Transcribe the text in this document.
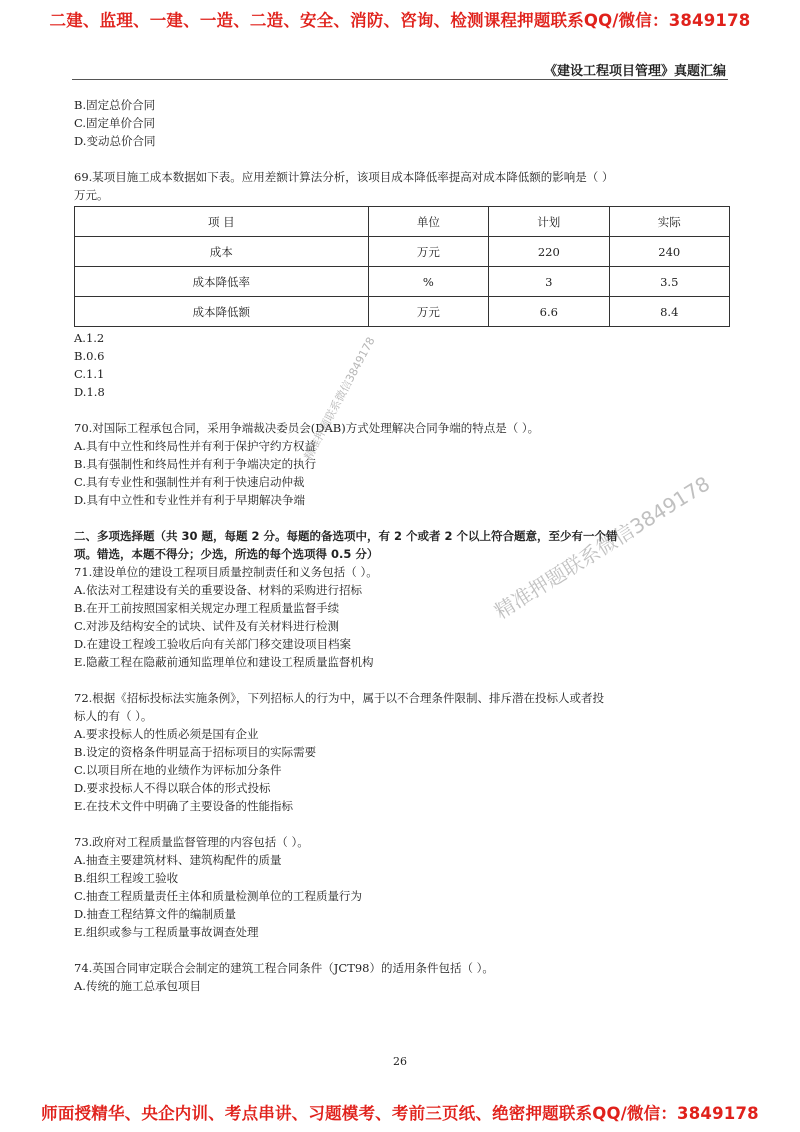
二建、监理、一建、一造、二造、安全、消防、咨询、检测课程押题联系QQ/微信：3849178
《建设工程项目管理》真题汇编
B.固定总价合同
C.固定单价合同
D.变动总价合同
69.某项目施工成本数据如下表。应用差额计算法分析，该项目成本降低率提高对成本降低额的影响是（ ）
万元。
项 目	单位	计划	实际
成本	万元	220	240
成本降低率	%	3	3.5
成本降低额	万元	6.6	8.4
A.1.2
B.0.6
C.1.1
D.1.8
70.对国际工程承包合同，采用争端裁决委员会(DAB)方式处理解决合同争端的特点是（ ）。
A.具有中立性和终局性并有利于保护守约方权益
B.具有强制性和终局性并有利于争端决定的执行
C.具有专业性和强制性并有利于快速启动仲裁
D.具有中立性和专业性并有利于早期解决争端
二、多项选择题（共 30 题，每题 2 分。每题的备选项中，有 2 个或者 2 个以上符合题意，至少有一个错
项。错选，本题不得分；少选，所选的每个选项得 0.5 分）
71.建设单位的建设工程项目质量控制责任和义务包括（ ）。
A.依法对工程建设有关的重要设备、材料的采购进行招标
B.在开工前按照国家相关规定办理工程质量监督手续
C.对涉及结构安全的试块、试件及有关材料进行检测
D.在建设工程竣工验收后向有关部门移交建设项目档案
E.隐蔽工程在隐蔽前通知监理单位和建设工程质量监督机构
72.根据《招标投标法实施条例》，下列招标人的行为中，属于以不合理条件限制、排斥潜在投标人或者投
标人的有（ ）。
A.要求投标人的性质必须是国有企业
B.设定的资格条件明显高于招标项目的实际需要
C.以项目所在地的业绩作为评标加分条件
D.要求投标人不得以联合体的形式投标
E.在技术文件中明确了主要设备的性能指标
73.政府对工程质量监督管理的内容包括（ ）。
A.抽查主要建筑材料、建筑构配件的质量
B.组织工程竣工验收
C.抽查工程质量责任主体和质量检测单位的工程质量行为
D.抽查工程结算文件的编制质量
E.组织或参与工程质量事故调查处理
74.英国合同审定联合会制定的建筑工程合同条件（JCT98）的适用条件包括（ ）。
A.传统的施工总承包项目
精准押题联系微信3849178
精准押题联系微信3849178
26
师面授精华、央企内训、考点串讲、习题模考、考前三页纸、绝密押题联系QQ/微信：3849178
